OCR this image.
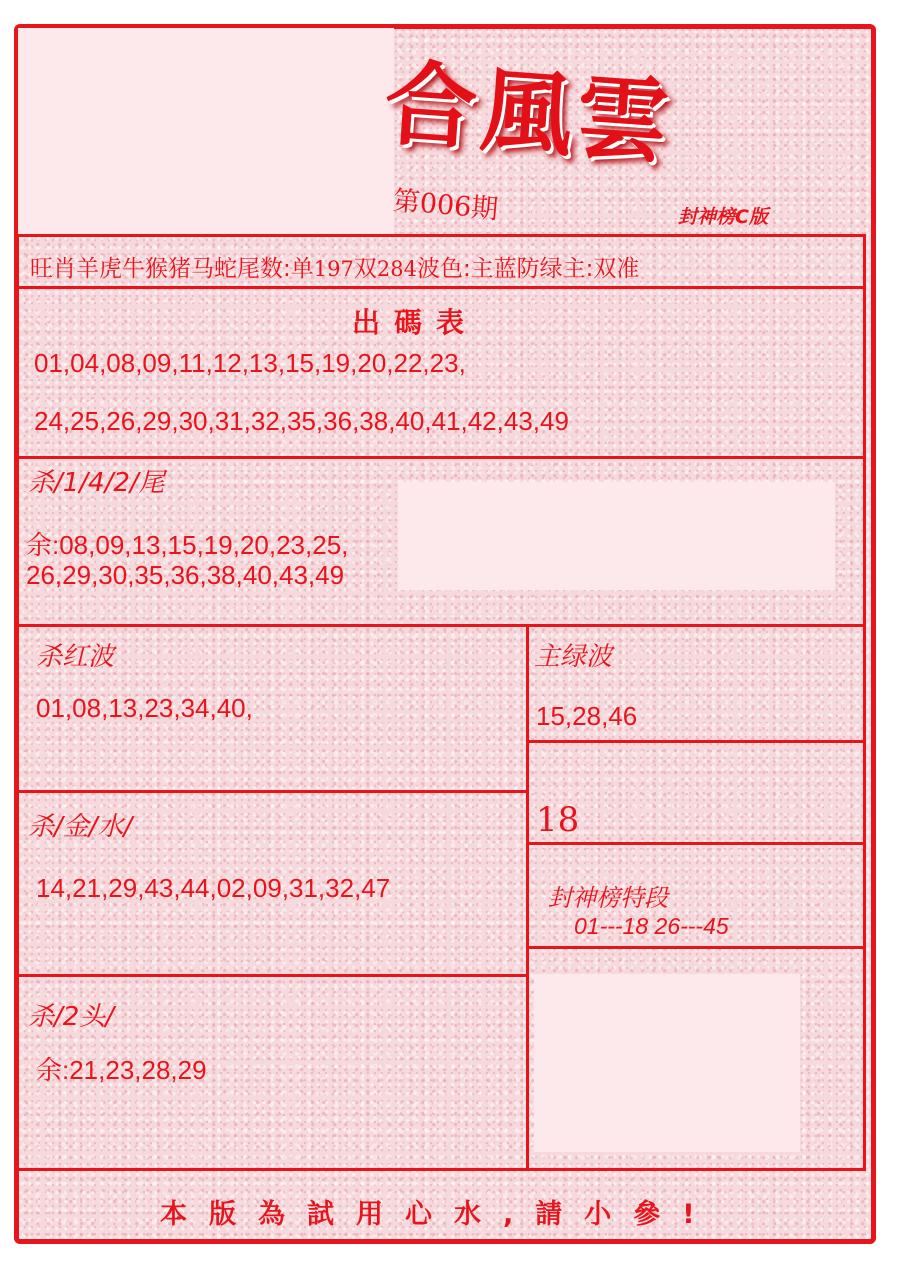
合風雲
第006期	封神榜C版
旺肖羊虎牛猴猪马蛇尾数:单197双284波色:主蓝防绿主:双准
出碼表
01,04,08,09,11,12,13,15,19,20,22,23,
24,25,26,29,30,31,32,35,36,38,40,41,42,43,49
杀/1/4/2/尾
余:08,09,13,15,19,20,23,25,
26,29,30,35,36,38,40,43,49
杀红波
01,08,13,23,34,40,
主绿波
15,28,46
18
杀/金/水/
14,21,29,43,44,02,09,31,32,47	封神榜特段
01---18 26---45
杀/2头/
余:21,23,28,29
本版為試用心水,請小參!
